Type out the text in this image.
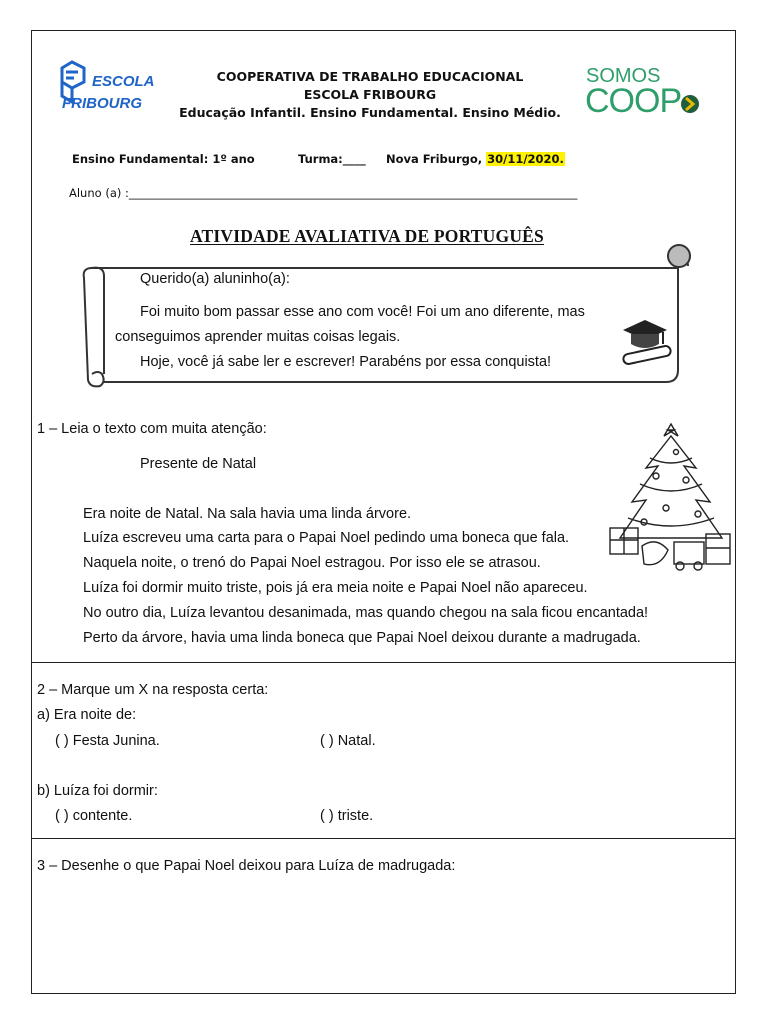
ESCOLA
FRIBOURG
COOPERATIVA DE TRABALHO EDUCACIONAL
ESCOLA FRIBOURG
Educação Infantil. Ensino Fundamental. Ensino Médio.
SOMOS
COOP
Ensino Fundamental: 1º ano	Turma:____ Nova Friburgo, 30/11/2020.
Aluno (a) :______________________________________________________________________________
ATIVIDADE AVALIATIVA DE PORTUGUÊS
Querido(a) aluninho(a):
Foi muito bom passar esse ano com você! Foi um ano diferente, mas
conseguimos aprender muitas coisas legais.
Hoje, você já sabe ler e escrever! Parabéns por essa conquista!
1 – Leia o texto com muita atenção:
Presente de Natal
Era noite de Natal. Na sala havia uma linda árvore.
Luíza escreveu uma carta para o Papai Noel pedindo uma boneca que fala.
Naquela noite, o trenó do Papai Noel estragou. Por isso ele se atrasou.
Luíza foi dormir muito triste, pois já era meia noite e Papai Noel não apareceu.
No outro dia, Luíza levantou desanimada, mas quando chegou na sala ficou encantada!
Perto da árvore, havia uma linda boneca que Papai Noel deixou durante a madrugada.
2 – Marque um X na resposta certa:
a) Era noite de:
( ) Festa Junina.	( ) Natal.
b) Luíza foi dormir:
( ) contente.	( ) triste.
3 – Desenhe o que Papai Noel deixou para Luíza de madrugada:
